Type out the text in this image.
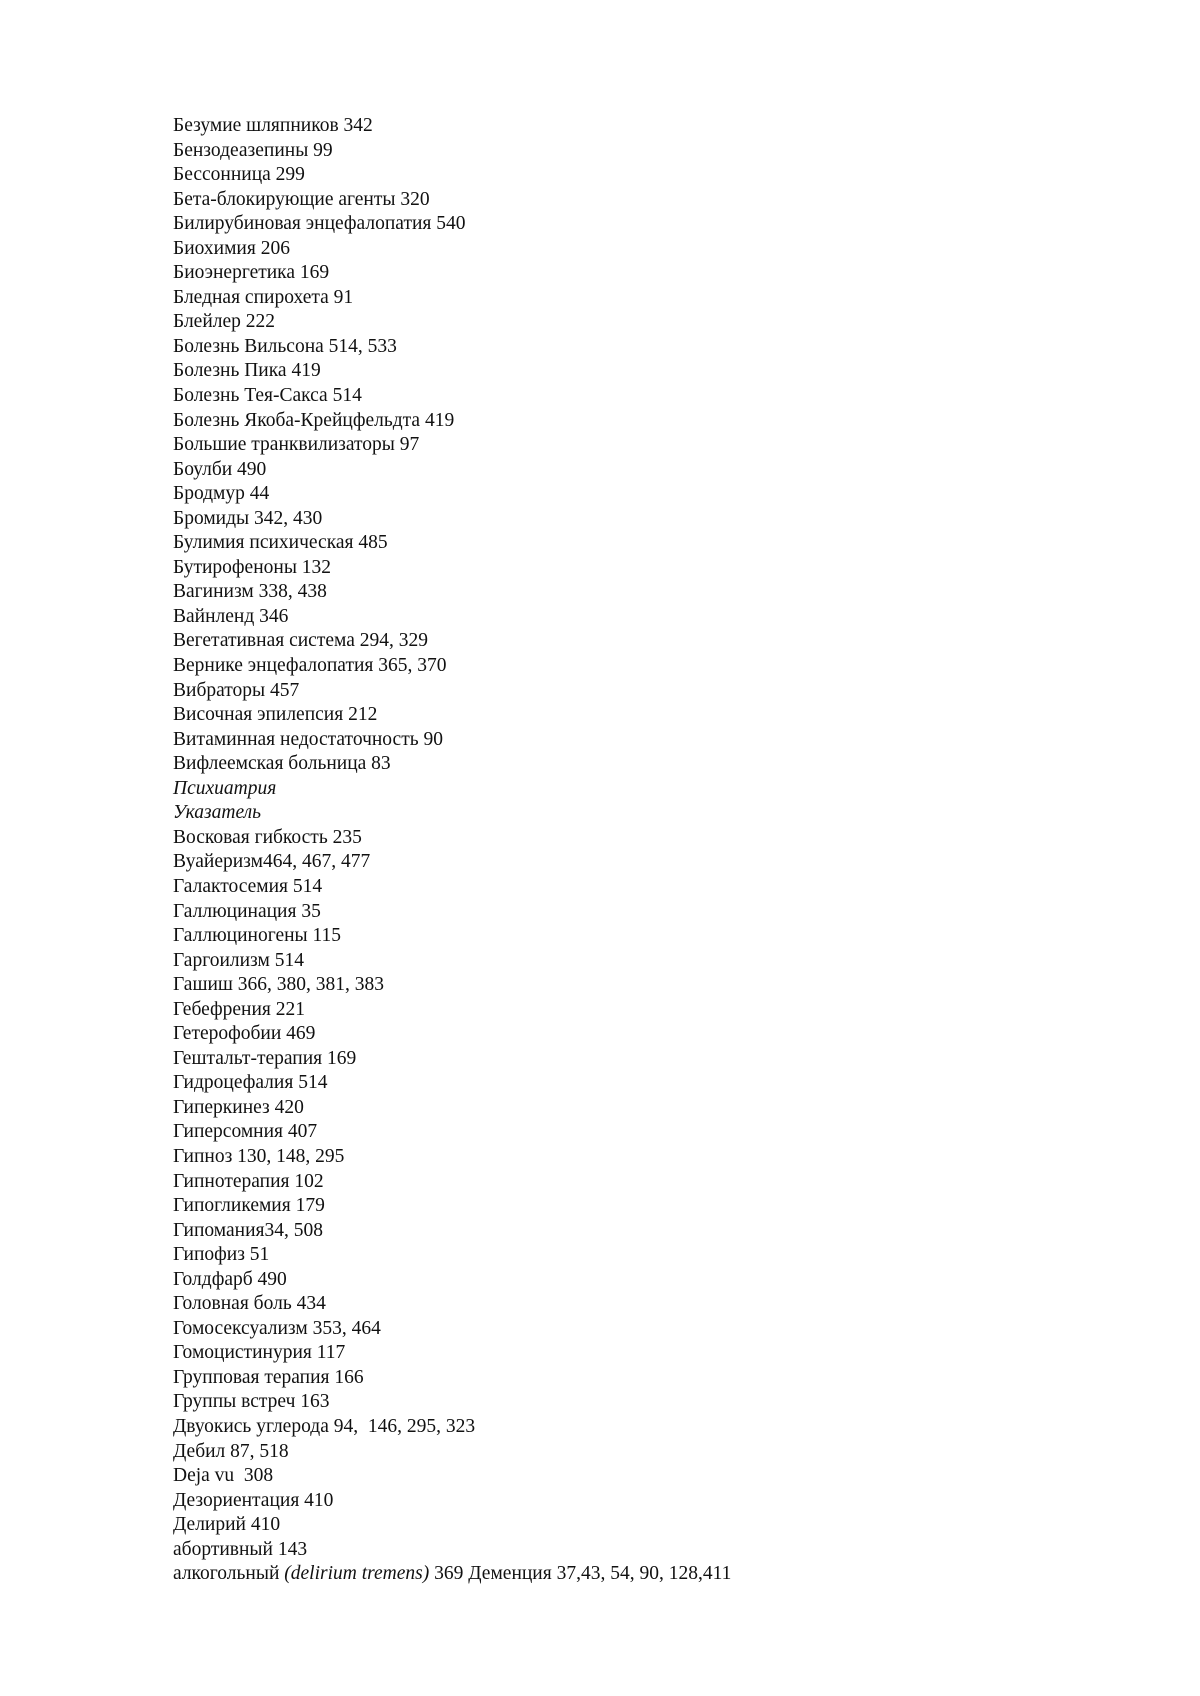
Безумие шляпников 342
Бензодеазепины 99
Бессонница 299
Бета-блокирующие агенты 320
Билирубиновая энцефалопатия 540
Биохимия 206
Биоэнергетика 169
Бледная спирохета 91
Блейлер 222
Болезнь Вильсона 514, 533
Болезнь Пика 419
Болезнь Тея-Сакса 514
Болезнь Якоба-Крейцфельдта 419
Большие транквилизаторы 97
Боулби 490
Бродмур 44
Бромиды 342, 430
Булимия психическая 485
Бутирофеноны 132
Вагинизм 338, 438
Вайнленд 346
Вегетативная система 294, 329
Вернике энцефалопатия 365, 370
Вибраторы 457
Височная эпилепсия 212
Витаминная недостаточность 90
Вифлеемская больница 83
Психиатрия
Указатель
Восковая гибкость 235
Вуайеризм464, 467, 477
Галактосемия 514
Галлюцинация 35
Галлюциногены 115
Гаргоилизм 514
Гашиш 366, 380, 381, 383
Гебефрения 221
Гетерофобии 469
Гештальт-терапия 169
Гидроцефалия 514
Гиперкинез 420
Гиперсомния 407
Гипноз 130, 148, 295
Гипнотерапия 102
Гипогликемия 179
Гипомания34, 508
Гипофиз 51
Голдфарб 490
Головная боль 434
Гомосексуализм 353, 464
Гомоцистинурия 117
Групповая терапия 166
Группы встреч 163
Двуокись углерода 94,  146, 295, 323
Дебил 87, 518
Deja vu  308
Дезориентация 410
Делирий 410
абортивный 143
алкогольный (delirium tremens) 369 Деменция 37,43, 54, 90, 128,411
